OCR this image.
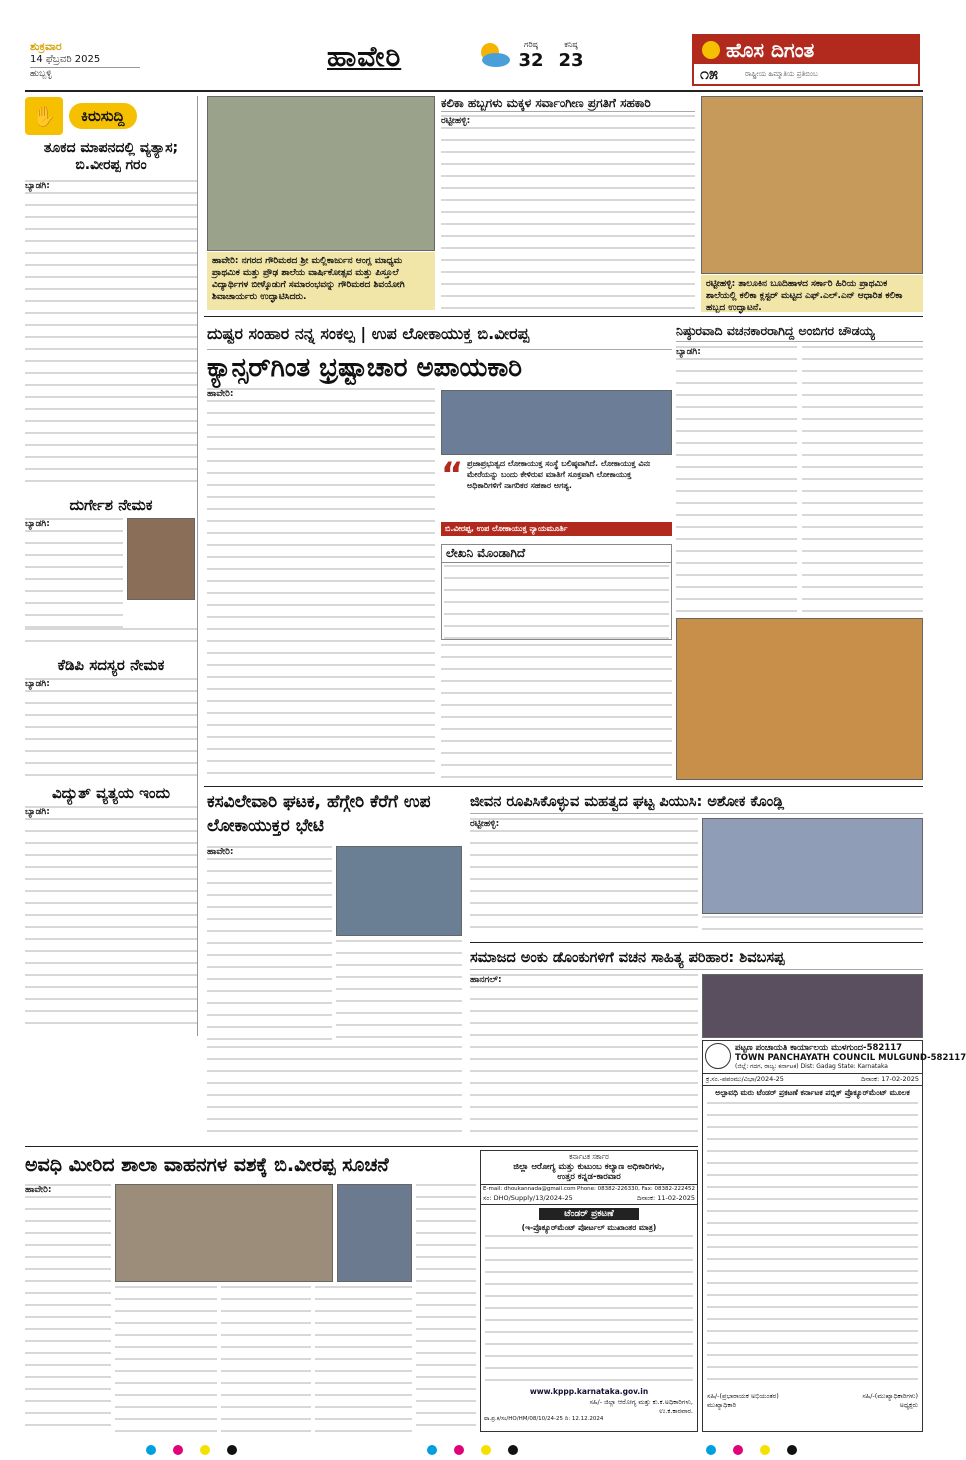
ಶುಕ್ರವಾರ
14 ಫೆಬ್ರವರಿ 2025
ಹುಬ್ಬಳ್ಳಿ
ಹಾವೇರಿ	ಗರಿಷ್ಠ
32
ಕನಿಷ್ಠ
23	ಹೊಸ ದಿಗಂತ
೧೫	ರಾಷ್ಟ್ರೀಯ ಹಿಮ್ಮಾತಿಯ ಪ್ರತಿಬಿಂಬ
✋	ಕಿರುಸುದ್ದಿ
ತೂಕದ ಮಾಪನದಲ್ಲಿ ವ್ಯತ್ಯಾಸ; ಬಿ.ವೀರಪ್ಪ ಗರಂ
ಬ್ಯಾಡಗಿ:
ದುರ್ಗೇಶ ನೇಮಕ
ಬ್ಯಾಡಗಿ:
ಕೆಡಿಪಿ ಸದಸ್ಯರ ನೇಮಕ
ಬ್ಯಾಡಗಿ:
ವಿದ್ಯುತ್ ವ್ಯತ್ಯಯ ಇಂದು
ಬ್ಯಾಡಗಿ:
ಹಾವೇರಿ: ನಗರದ ಗೌರಿಮಠದ ಶ್ರೀ ಮಲ್ಲಿಕಾರ್ಜುನ ಆಂಗ್ಲ ಮಾಧ್ಯಮ ಪ್ರಾಥಮಿಕ ಮತ್ತು ಪ್ರೌಢ ಶಾಲೆಯ ವಾರ್ಷಿಕೋತ್ಸವ ಮತ್ತು ಪಿಸ್ತೂಲೆ ವಿದ್ಯಾರ್ಥಿಗಳ ಬೀಳ್ಕೊಡುಗೆ ಸಮಾರಂಭವನ್ನು ಗೌರಿಮಠದ ಶಿವಯೋಗಿ ಶಿವಾಚಾರ್ಯರು ಉದ್ಘಾಟಿಸಿದರು.
ಕಲಿಕಾ ಹಬ್ಬಗಳು ಮಕ್ಕಳ ಸರ್ವಾಂಗೀಣ ಪ್ರಗತಿಗೆ ಸಹಕಾರಿ
ರಟ್ಟೀಹಳ್ಳಿ:
ರಟ್ಟೀಹಳ್ಳಿ: ತಾಲೂಕಿನ ಬೂದಿಹಾಳದ ಸರ್ಕಾರಿ ಹಿರಿಯ ಪ್ರಾಥಮಿಕ ಶಾಲೆಯಲ್ಲಿ ಕಲಿಕಾ ಕ್ಲಸ್ಟರ್ ಮಟ್ಟದ ಎಫ್.ಎಲ್.ಎನ್ ಆಧಾರಿತ ಕಲಿಕಾ ಹಬ್ಬದ ಉದ್ಘಾಟನೆ.
ದುಷ್ಟರ ಸಂಹಾರ ನನ್ನ ಸಂಕಲ್ಪ | ಉಪ ಲೋಕಾಯುಕ್ತ ಬಿ.ವೀರಪ್ಪ
ಕ್ಯಾನ್ಸರ್‌ಗಿಂತ ಭ್ರಷ್ಟಾಚಾರ ಅಪಾಯಕಾರಿ
ಹಾವೇರಿ:
“ ಪ್ರಜಾಪ್ರಭುತ್ವದ ಲೋಕಾಯುಕ್ತ ಸಂಸ್ಥೆ ಬಲಿಷ್ಠವಾಗಿದೆ. ಲೋಕಾಯುಕ್ತ ವಿನಃ ಮೇರೆಯನ್ನು ಬಂದು ಕೇಳಿರುವ ಮಾತಿಗೆ ಸೂಕ್ತವಾಗಿ ಲೋಕಾಯುಕ್ತ ಅಧಿಕಾರಿಗಳಿಗೆ ನಾಗರಿಕರ ಸಹಕಾರ ಅಗತ್ಯ.
ಬಿ.ವೀರಪ್ಪ, ಉಪ ಲೋಕಾಯುಕ್ತ ನ್ಯಾಯಮೂರ್ತಿ
ಲೇಖನಿ ಮೊಂಡಾಗಿದೆ
ನಿಷ್ಠುರವಾದಿ ವಚನಕಾರರಾಗಿದ್ದ ಅಂಬಿಗರ ಚೌಡಯ್ಯ
ಬ್ಯಾಡಗಿ:
ಕಸವಿಲೇವಾರಿ ಘಟಕ, ಹೆಗ್ಗೇರಿ ಕೆರೆಗೆ ಉಪ ಲೋಕಾಯುಕ್ತರ ಭೇಟಿ
ಹಾವೇರಿ:
ಜೀವನ ರೂಪಿಸಿಕೊಳ್ಳುವ ಮಹತ್ವದ ಘಟ್ಟ ಪಿಯುಸಿ: ಅಶೋಕ ಕೊಂಡ್ಲಿ
ರಟ್ಟೀಹಳ್ಳಿ:
ಸಮಾಜದ ಅಂಕು ಡೊಂಕುಗಳಿಗೆ ವಚನ ಸಾಹಿತ್ಯ ಪರಿಹಾರ: ಶಿವಬಸಪ್ಪ
ಹಾನಗಲ್:
ಪಟ್ಟಣ ಪಂಚಾಯತಿ ಕಾರ್ಯಾಲಯ ಮುಳಗುಂದ-582117
TOWN PANCHAYATH COUNCIL MULGUND-582117
(ಜಿಲ್ಲೆ: ಗದಗ, ರಾಜ್ಯ: ಕರ್ನಾಟಕ) Dist: Gadag State: Karnataka
ಕ್ರ.ಸಂ.-ಪಪಂಮು/ವಿಭಾ/2024-25	ದಿನಾಂಕ: 17-02-2025
ಅಲ್ಪಾವಧಿ ಮರು ಟೆಂಡರ್ ಪ್ರಕಟಣೆ ಕರ್ನಾಟಕ ಪಬ್ಲಿಕ್ ಪ್ರೊಕ್ಯೂರ್‌ಮೆಂಟ್ ಮೂಲಕ
ಸಹಿ/-(ಪ್ರಭಾರಾಯಕ ಅಭಿಯಂತರ)	ಸಹಿ/-(ಮುಖ್ಯಾಧಿಕಾರಿಗಳು)
ಮುಖ್ಯಾಧಿಕಾರಿ	ಅಧ್ಯಕ್ಷರು
ಅವಧಿ ಮೀರಿದ ಶಾಲಾ ವಾಹನಗಳ ವಶಕ್ಕೆ ಬಿ.ವೀರಪ್ಪ ಸೂಚನೆ
ಹಾವೇರಿ:
ಕರ್ನಾಟಕ ಸರ್ಕಾರ
ಜಿಲ್ಲಾ ಆರೋಗ್ಯ ಮತ್ತು ಕುಟುಂಬ ಕಲ್ಯಾಣ ಅಧಿಕಾರಿಗಳು,
ಉತ್ತರ ಕನ್ನಡ-ಕಾರವಾರ
E-mail: dhoukannada@gmail.com Phone: 08382-226330, Fax: 08382-222452
ಸಂ: DHO/Supply/13/2024-25	ದಿನಾಂಕ: 11-02-2025
ಟೆಂಡರ್ ಪ್ರಕಟಣೆ
(ಇ-ಪ್ರೊಕ್ಯೂರ್‌ಮೆಂಟ್ ಪೋರ್ಟಲ್ ಮುಖಾಂತರ ಮಾತ್ರ)
www.kppp.karnataka.gov.in
ಸಹಿ/- ಜಿಲ್ಲಾ ಆರೋಗ್ಯ ಮತ್ತು ಕು.ಕ.ಅಧಿಕಾರಿಗಳು,
ಉ.ಕ.ಕಾರವಾರ.
ವಾ.ಪ್ರ.ಕ/ಸಂ/HO/HM/08/10/24-25 ದಿ: 12.12.2024
